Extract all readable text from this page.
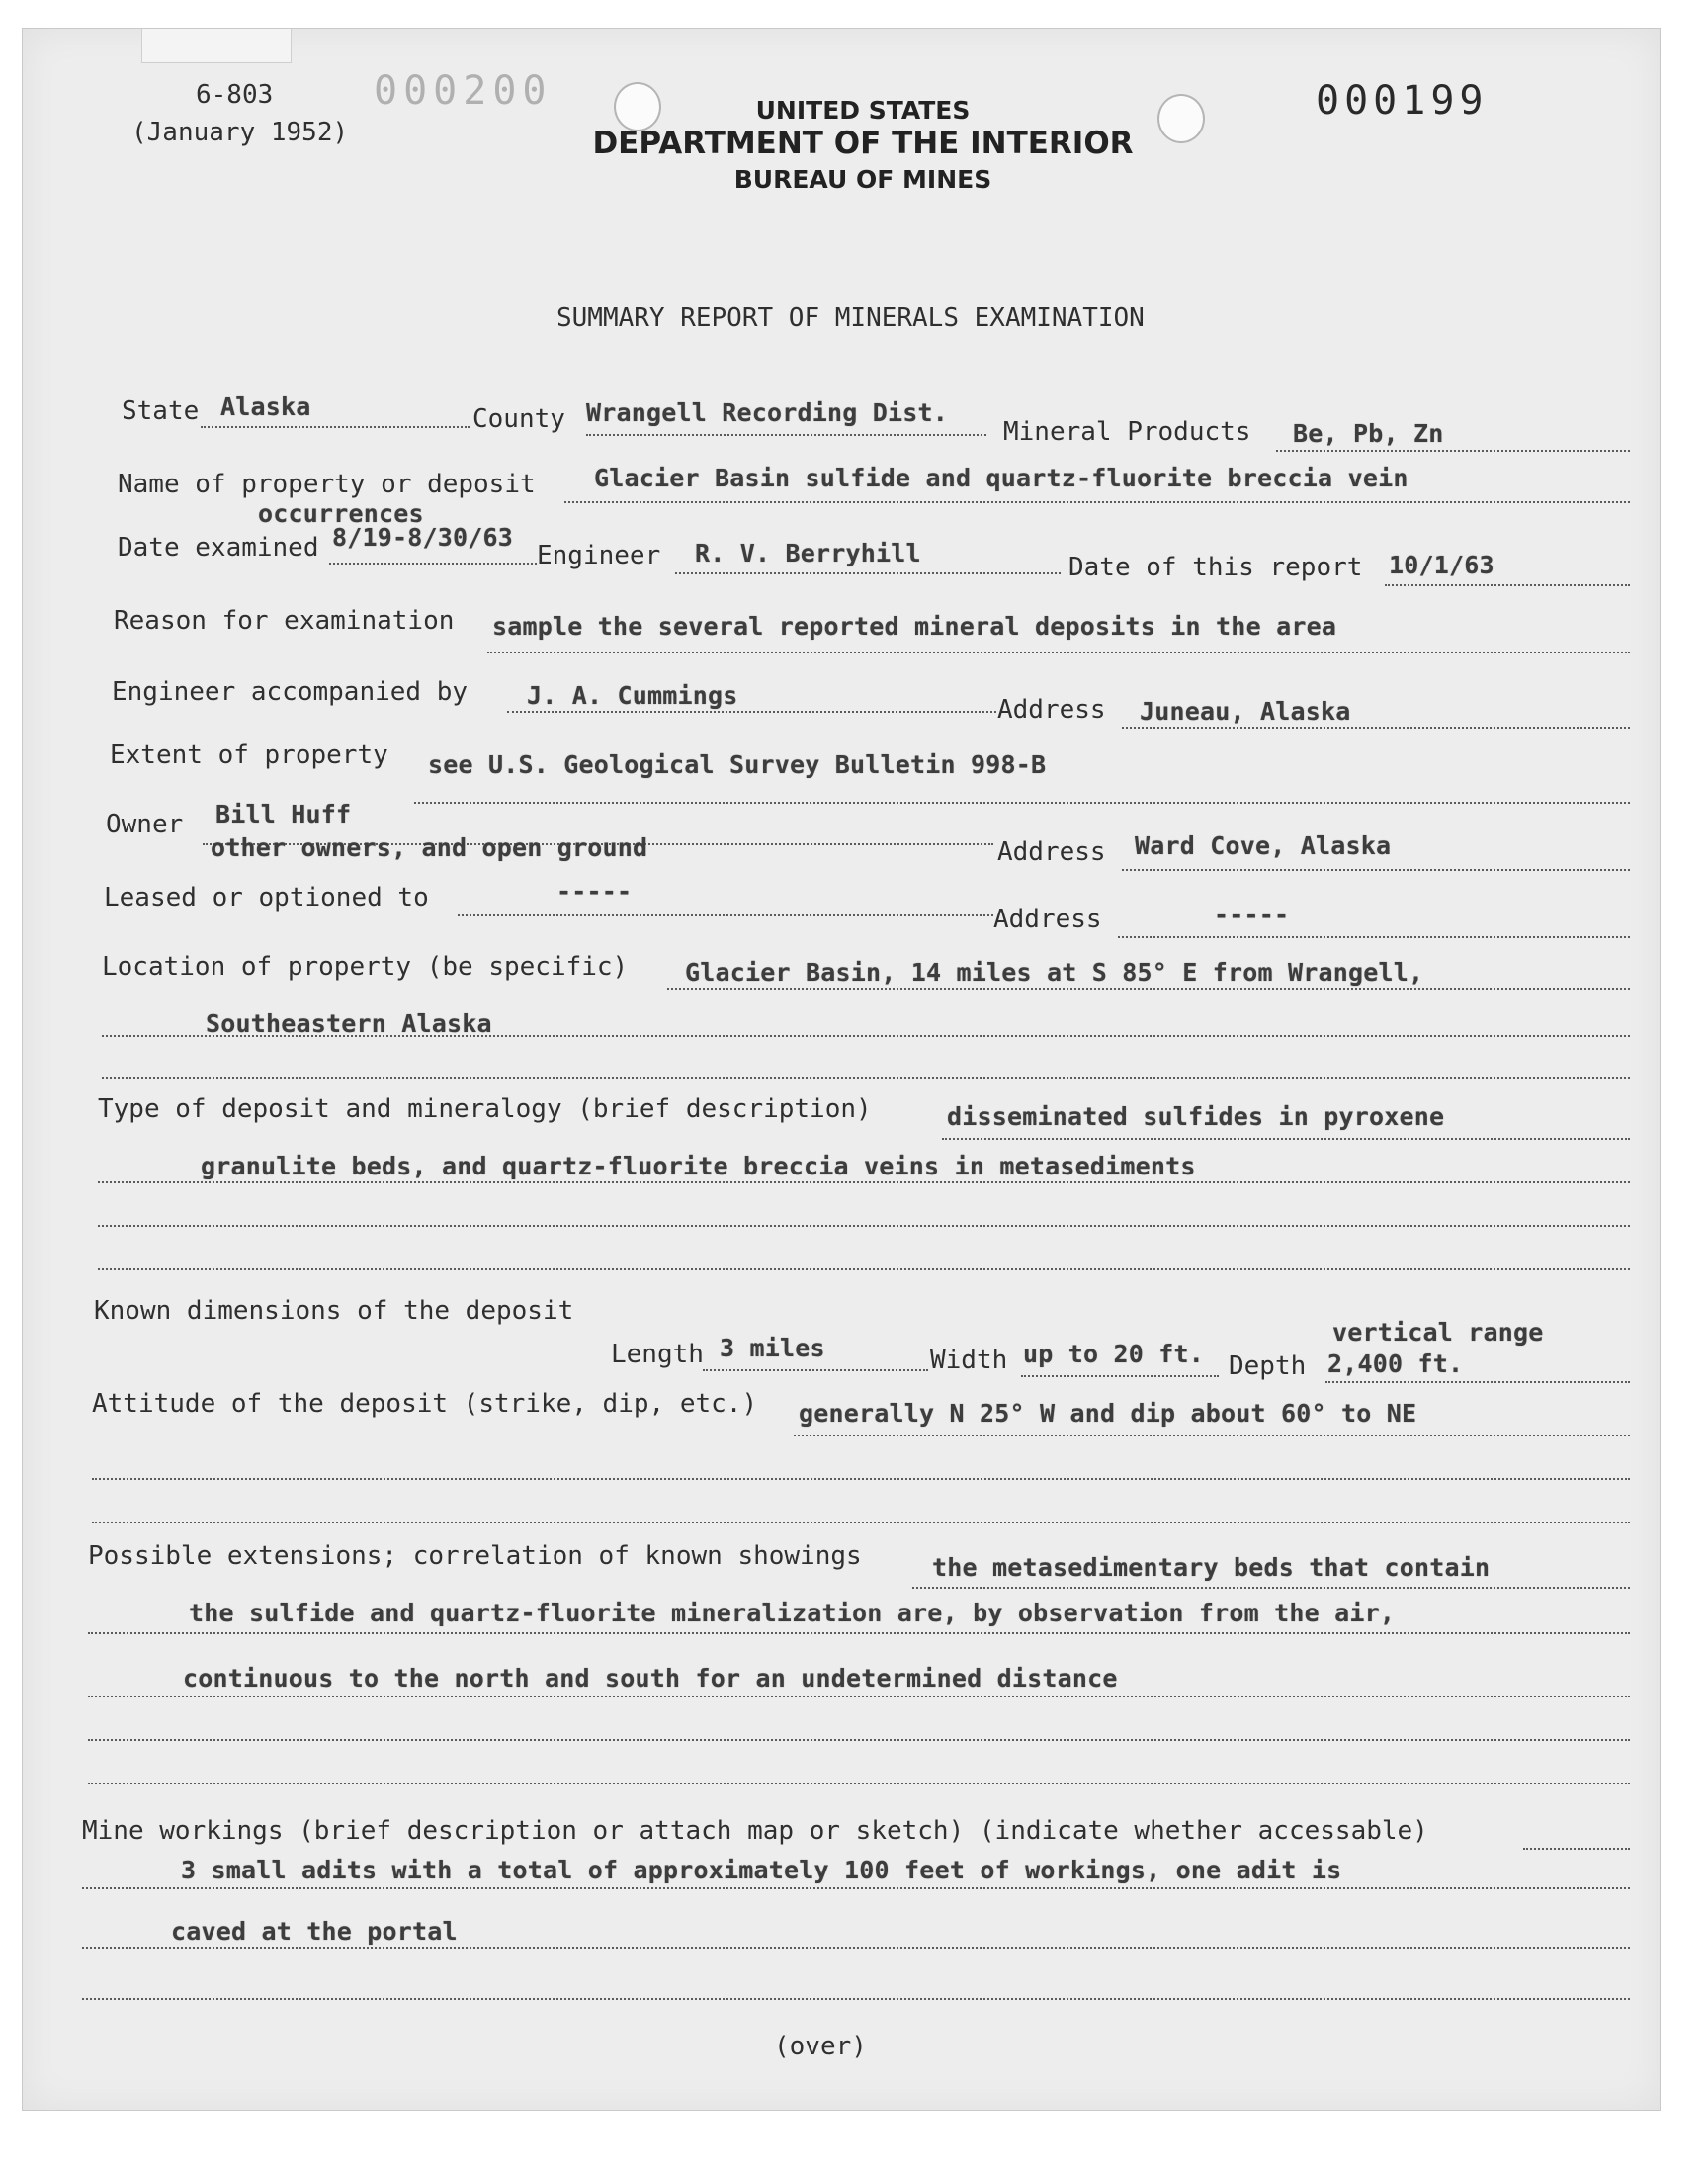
6-803
(January 1952)
000200	000199
UNITED STATES
DEPARTMENT OF THE INTERIOR
BUREAU OF MINES
SUMMARY REPORT OF MINERALS EXAMINATION
State Alaska	County Wrangell Recording Dist.
Mineral Products Be, Pb, Zn
Name of property or deposit Glacier Basin sulfide and quartz-fluorite breccia vein
occurrences
Date examined 8/19-8/30/63
Engineer R. V. Berryhill	Date of this report 10/1/63
Reason for examination sample the several reported mineral deposits in the area
Engineer accompanied by J. A. Cummings	Address Juneau, Alaska
Extent of property see U.S. Geological Survey Bulletin 998-B
Owner Bill Huff
other owners, and open ground	Address Ward Cove, Alaska
Leased or optioned to	-----
Address	-----
Location of property (be specific) Glacier Basin, 14 miles at S 85° E from Wrangell,
Southeastern Alaska
Type of deposit and mineralogy (brief description)	disseminated sulfides in pyroxene
granulite beds, and quartz-fluorite breccia veins in metasediments
Known dimensions of the deposit
Length 3 miles	Width up to 20 ft. Depth
vertical range
2,400 ft.
Attitude of the deposit (strike, dip, etc.) generally N 25° W and dip about 60° to NE
Possible extensions; correlation of known showings	the metasedimentary beds that contain
the sulfide and quartz-fluorite mineralization are, by observation from the air,
continuous to the north and south for an undetermined distance
Mine workings (brief description or attach map or sketch) (indicate whether accessable)
3 small adits with a total of approximately 100 feet of workings, one adit is
caved at the portal
(over)
